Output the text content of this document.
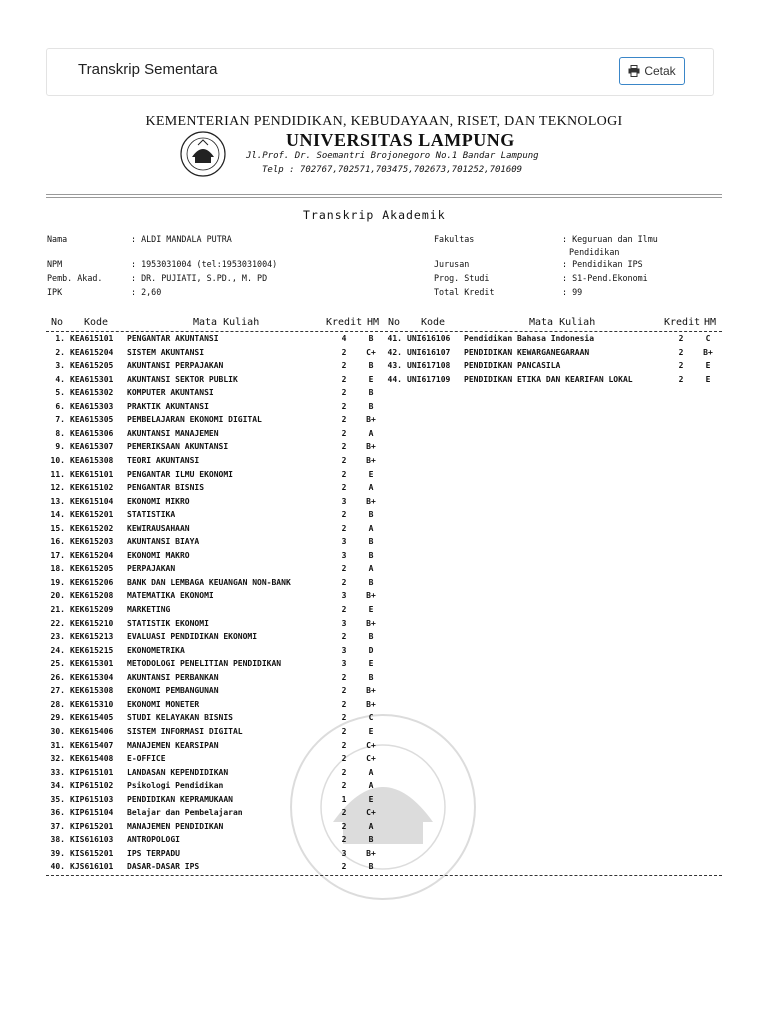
Transkrip Sementara	Cetak
KEMENTERIAN PENDIDIKAN, KEBUDAYAAN, RISET, DAN TEKNOLOGI
UNIVERSITAS LAMPUNG
Jl.Prof. Dr. Soemantri Brojonegoro No.1 Bandar Lampung
Telp : 702767,702571,703475,702673,701252,701609
Transkrip Akademik
Nama	: ALDI MANDALA PUTRA
NPM	: 1953031004 (tel:1953031004)
Pemb. Akad.	: DR. PUJIATI, S.PD., M. PD
IPK	: 2,60
Fakultas	: Keguruan dan Ilmu
Pendidikan
Jurusan	: Pendidikan IPS
Prog. Studi	: S1-Pend.Ekonomi
Total Kredit	: 99
No Kode	Mata Kuliah	Kredit HM No Kode	Mata Kuliah	Kredit HM
1. KEA615101	PENGANTAR AKUNTANSI	4	B
2. KEA615204	SISTEM AKUNTANSI	2	C+
3. KEA615205	AKUNTANSI PERPAJAKAN	2	B
4. KEA615301	AKUNTANSI SEKTOR PUBLIK	2	E
5. KEA615302	KOMPUTER AKUNTANSI	2	B
6. KEA615303	PRAKTIK AKUNTANSI	2	B
7. KEA615305	PEMBELAJARAN EKONOMI DIGITAL	2	B+
8. KEA615306	AKUNTANSI MANAJEMEN	2	A
9. KEA615307	PEMERIKSAAN AKUNTANSI	2	B+
10. KEA615308	TEORI AKUNTANSI	2	B+
11. KEK615101	PENGANTAR ILMU EKONOMI	2	E
12. KEK615102	PENGANTAR BISNIS	2	A
13. KEK615104	EKONOMI MIKRO	3	B+
14. KEK615201	STATISTIKA	2	B
15. KEK615202	KEWIRAUSAHAAN	2	A
16. KEK615203	AKUNTANSI BIAYA	3	B
17. KEK615204	EKONOMI MAKRO	3	B
18. KEK615205	PERPAJAKAN	2	A
19. KEK615206	BANK DAN LEMBAGA KEUANGAN NON-BANK	2	B
20. KEK615208	MATEMATIKA EKONOMI	3	B+
21. KEK615209	MARKETING	2	E
22. KEK615210	STATISTIK EKONOMI	3	B+
23. KEK615213	EVALUASI PENDIDIKAN EKONOMI	2	B
24. KEK615215	EKONOMETRIKA	3	D
25. KEK615301	METODOLOGI PENELITIAN PENDIDIKAN	3	E
26. KEK615304	AKUNTANSI PERBANKAN	2	B
27. KEK615308	EKONOMI PEMBANGUNAN	2	B+
28. KEK615310	EKONOMI MONETER	2	B+
29. KEK615405	STUDI KELAYAKAN BISNIS	2	C
30. KEK615406	SISTEM INFORMASI DIGITAL	2	E
31. KEK615407	MANAJEMEN KEARSIPAN	2	C+
32. KEK615408	E-OFFICE	2	C+
33. KIP615101	LANDASAN KEPENDIDIKAN	2	A
34. KIP615102	Psikologi Pendidikan	2	A
35. KIP615103	PENDIDIKAN KEPRAMUKAAN	1	E
36. KIP615104	Belajar dan Pembelajaran	2	C+
37. KIP615201	MANAJEMEN PENDIDIKAN	2	A
38. KIS616103	ANTROPOLOGI	2	B
39. KIS615201	IPS TERPADU	3	B+
40. KJS616101	DASAR-DASAR IPS	2	B
41. UNI616106	Pendidikan Bahasa Indonesia	2	C
42. UNI616107	PENDIDIKAN KEWARGANEGARAAN	2	B+
43. UNI617108	PENDIDIKAN PANCASILA	2	E
44. UNI617109	PENDIDIKAN ETIKA DAN KEARIFAN LOKAL	2	E
